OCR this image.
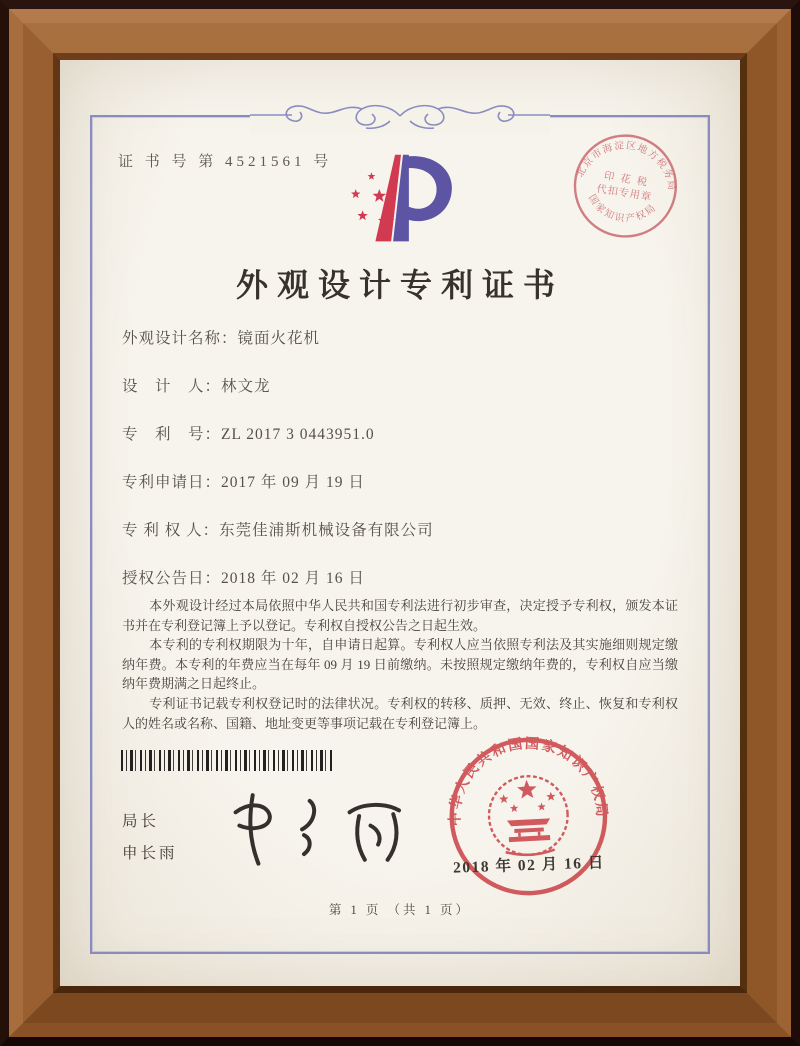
证 书 号 第 4521561 号
北京市海淀区地方税务局
印 花 税
代扣专用章
国家知识产权局
外观设计专利证书
外观设计名称：镜面火花机
设　计　人：林文龙
专　利　号：ZL 2017 3 0443951.0
专利申请日：2017 年 09 月 19 日
专 利 权 人：东莞佳浦斯机械设备有限公司
授权公告日：2018 年 02 月 16 日

本外观设计经过本局依照中华人民共和国专利法进行初步审查，决定授予专利权，颁发本证书并在专利登记簿上予以登记。专利权自授权公告之日起生效。

本专利的专利权期限为十年，自申请日起算。专利权人应当依照专利法及其实施细则规定缴纳年费。本专利的年费应当在每年 09 月 19 日前缴纳。未按照规定缴纳年费的，专利权自应当缴纳年费期满之日起终止。

专利证书记载专利权登记时的法律状况。专利权的转移、质押、无效、终止、恢复和专利权人的姓名或名称、国籍、地址变更等事项记载在专利登记簿上。

局长
申长雨
中华人民共和国国家知识产权局
2018 年 02 月 16 日
第 1 页 （共 1 页）
